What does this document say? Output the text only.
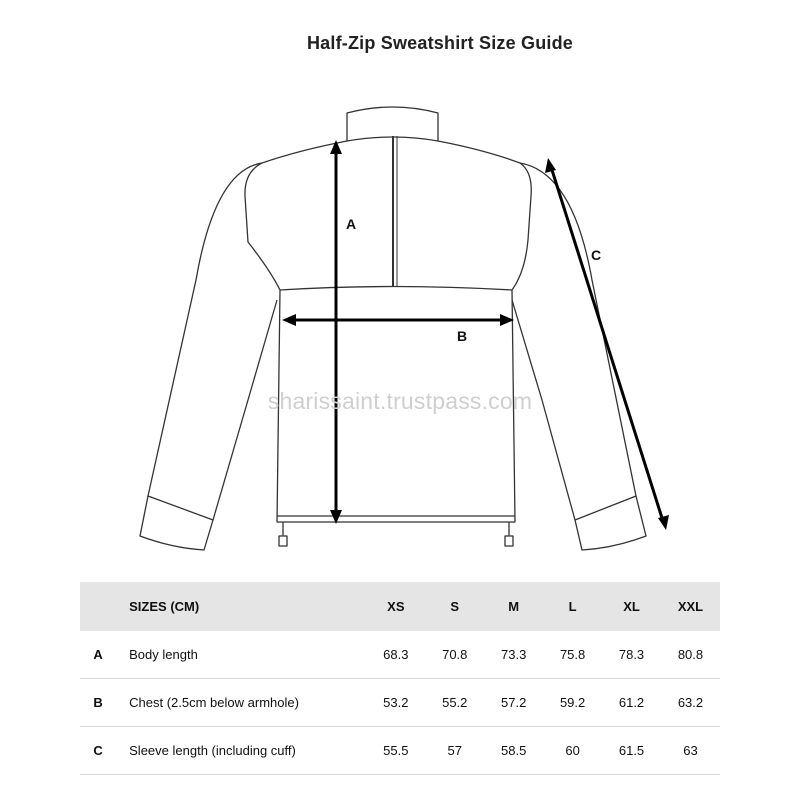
Half-Zip Sweatshirt Size Guide
A
B
C
sharissaint.trustpass.com
	SIZES (CM)	XS	S	M	L	XL	XXL
A	Body length	68.3	70.8	73.3	75.8	78.3	80.8
B	Chest (2.5cm below armhole)	53.2	55.2	57.2	59.2	61.2	63.2
C	Sleeve length (including cuff)	55.5	57	58.5	60	61.5	63
